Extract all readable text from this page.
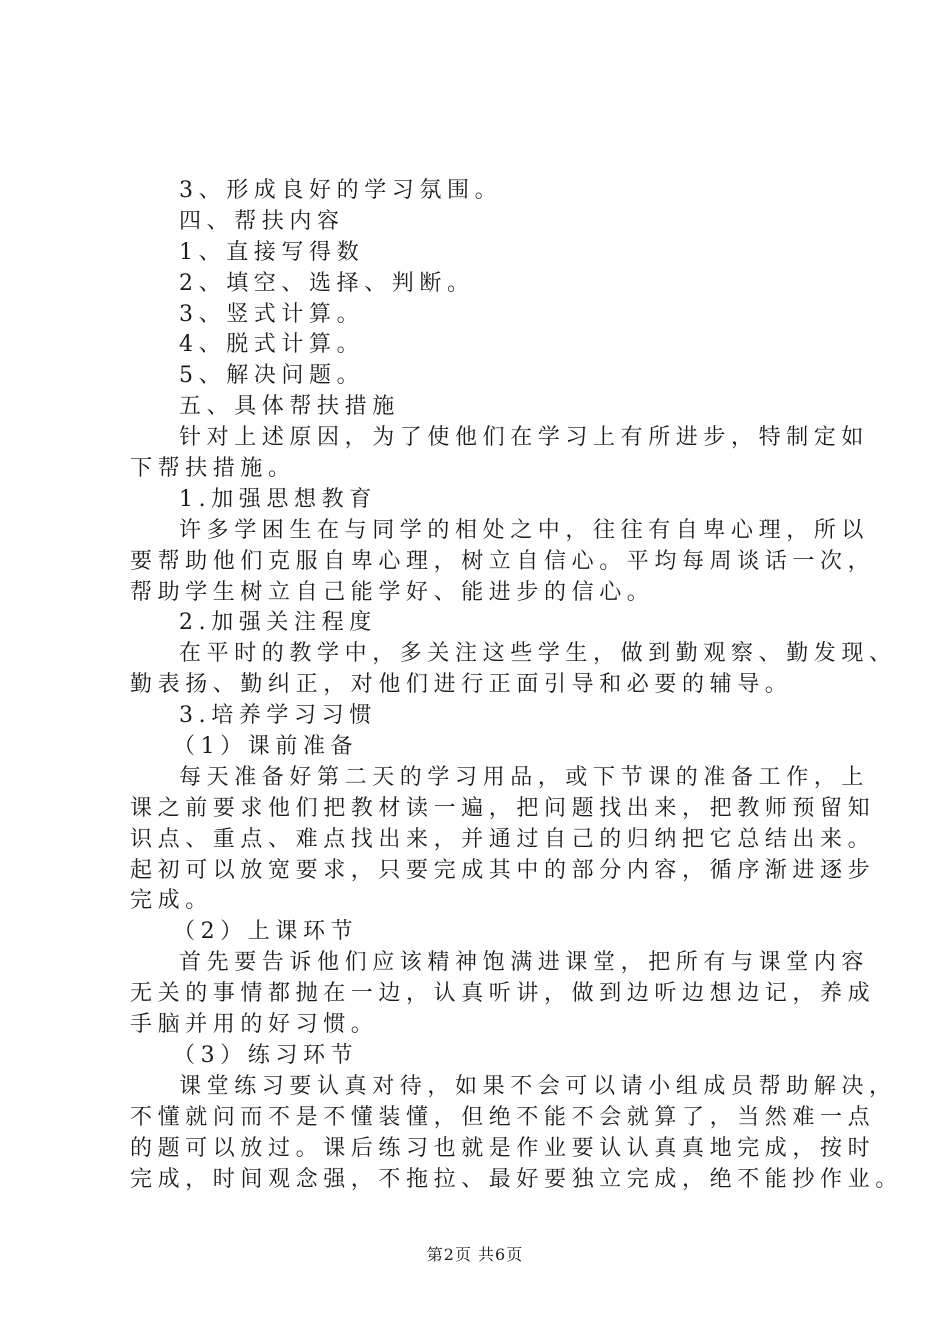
3、形成良好的学习氛围。
四、帮扶内容
1、直接写得数
2、填空、选择、判断。
3、竖式计算。
4、脱式计算。
5、解决问题。
五、具体帮扶措施
针对上述原因，为了使他们在学习上有所进步，特制定如
下帮扶措施。
1.加强思想教育
许多学困生在与同学的相处之中，往往有自卑心理，所以
要帮助他们克服自卑心理，树立自信心。平均每周谈话一次，
帮助学生树立自己能学好、能进步的信心。
2.加强关注程度
在平时的教学中，多关注这些学生，做到勤观察、勤发现、
勤表扬、勤纠正，对他们进行正面引导和必要的辅导。
3.培养学习习惯
（1）课前准备
每天准备好第二天的学习用品，或下节课的准备工作，上
课之前要求他们把教材读一遍，把问题找出来，把教师预留知
识点、重点、难点找出来，并通过自己的归纳把它总结出来。
起初可以放宽要求，只要完成其中的部分内容，循序渐进逐步
完成。
（2）上课环节
首先要告诉他们应该精神饱满进课堂，把所有与课堂内容
无关的事情都抛在一边，认真听讲，做到边听边想边记，养成
手脑并用的好习惯。
（3）练习环节
课堂练习要认真对待，如果不会可以请小组成员帮助解决，
不懂就问而不是不懂装懂，但绝不能不会就算了，当然难一点
的题可以放过。课后练习也就是作业要认认真真地完成，按时
完成，时间观念强，不拖拉、最好要独立完成，绝不能抄作业。
第2页 共6页
